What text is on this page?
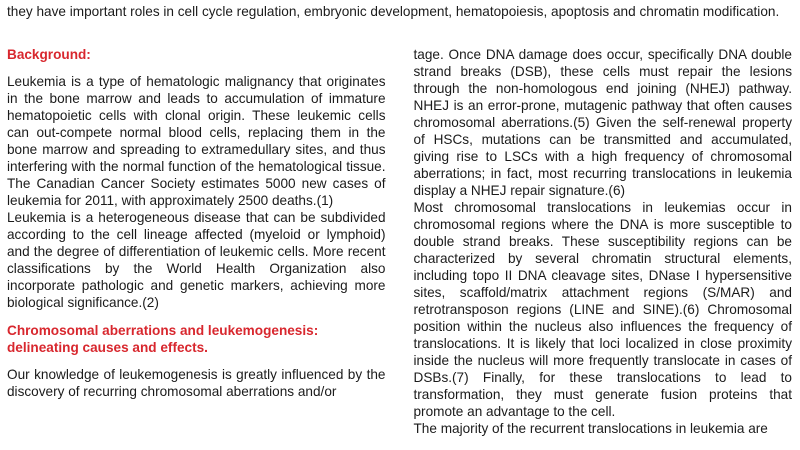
they have important roles in cell cycle regulation, embryonic development, hematopoiesis, apoptosis and chromatin modification.

Background:

Leukemia is a type of hematologic malignancy that originates in the bone marrow and leads to accumulation of immature hematopoietic cells with clonal origin. These leukemic cells can out-compete normal blood cells, replacing them in the bone marrow and spreading to extramedullary sites, and thus interfering with the normal function of the hematological tissue. The Canadian Cancer Society estimates 5000 new cases of leukemia for 2011, with approximately 2500 deaths.(1)

Leukemia is a heterogeneous disease that can be subdivided according to the cell lineage affected (myeloid or lymphoid) and the degree of differentiation of leukemic cells. More recent classifications by the World Health Organization also incorporate pathologic and genetic markers, achieving more biological significance.(2)

Chromosomal aberrations and leukemogenesis: delineating causes and effects.

Our knowledge of leukemogenesis is greatly influenced by the discovery of recurring chromosomal aberrations and/or

tage. Once DNA damage does occur, specifically DNA double strand breaks (DSB), these cells must repair the lesions through the non-homologous end joining (NHEJ) pathway. NHEJ is an error-prone, mutagenic pathway that often causes chromosomal aberrations.(5) Given the self-renewal property of HSCs, mutations can be transmitted and accumulated, giving rise to LSCs with a high frequency of chromosomal aberrations; in fact, most recurring translocations in leukemia display a NHEJ repair signature.(6)

Most chromosomal translocations in leukemias occur in chromosomal regions where the DNA is more susceptible to double strand breaks. These susceptibility regions can be characterized by several chromatin structural elements, including topo II DNA cleavage sites, DNase I hypersensitive sites, scaffold/matrix attachment regions (S/MAR) and retrotransposon regions (LINE and SINE).(6) Chromosomal position within the nucleus also influences the frequency of translocations. It is likely that loci localized in close proximity inside the nucleus will more frequently translocate in cases of DSBs.(7) Finally, for these translocations to lead to transformation, they must generate fusion proteins that promote an advantage to the cell.

The majority of the recurrent translocations in leukemia are
